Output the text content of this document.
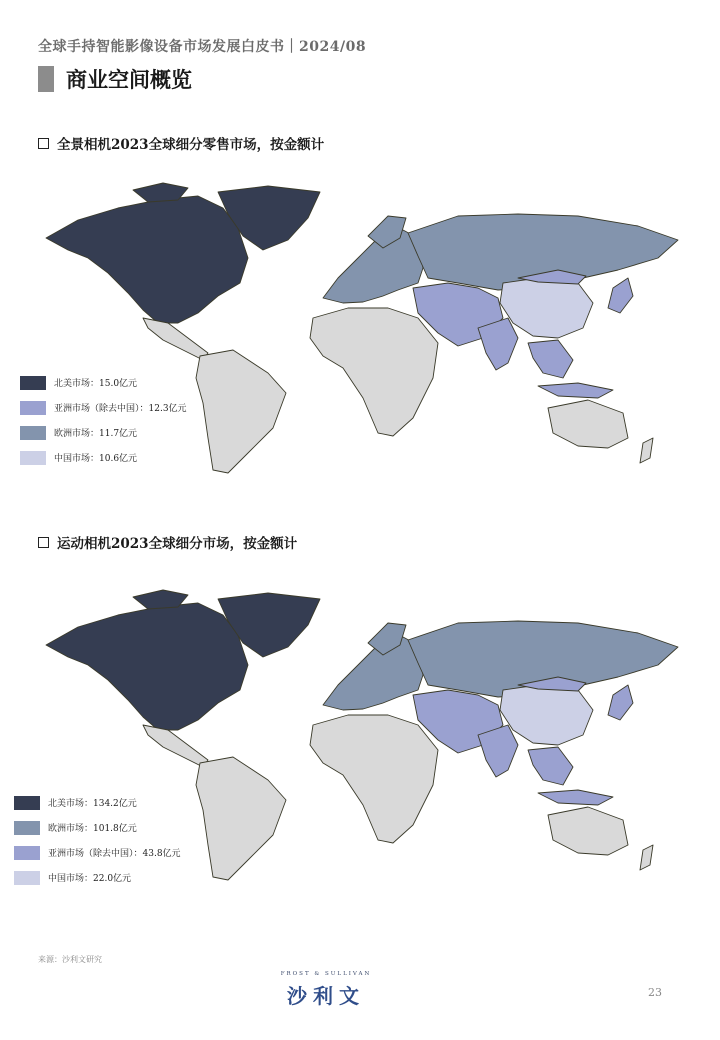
全球手持智能影像设备市场发展白皮书｜2024/08
商业空间概览
全景相机2023全球细分零售市场，按金额计
北美市场：15.0亿元
亚洲市场（除去中国）：12.3亿元
欧洲市场：11.7亿元
中国市场：10.6亿元
运动相机2023全球细分市场，按金额计
北美市场：134.2亿元
欧洲市场：101.8亿元
亚洲市场（除去中国）：43.8亿元
中国市场：22.0亿元
来源：沙利文研究
FROST & SULLIVAN
沙利文	23
